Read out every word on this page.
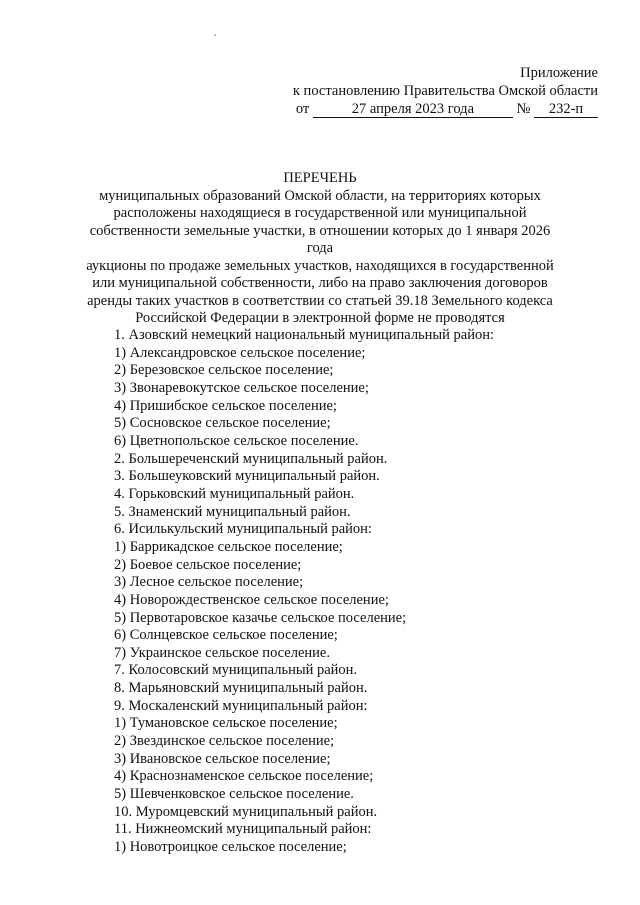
Приложение
к постановлению Правительства Омской области
от	27 апреля 2023 года	№ 232-п
ПЕРЕЧЕНЬ
муниципальных образований Омской области, на территориях которых
расположены находящиеся в государственной или муниципальной
собственности земельные участки, в отношении которых до 1 января 2026 года
аукционы по продаже земельных участков, находящихся в государственной
или муниципальной собственности, либо на право заключения договоров
аренды таких участков в соответствии со статьей 39.18 Земельного кодекса
Российской Федерации в электронной форме не проводятся
1. Азовский немецкий национальный муниципальный район:
1) Александровское сельское поселение;
2) Березовское сельское поселение;
3) Звонаревокутское сельское поселение;
4) Пришибское сельское поселение;
5) Сосновское сельское поселение;
6) Цветнопольское сельское поселение.
2. Большереченский муниципальный район.
3. Большеуковский муниципальный район.
4. Горьковский муниципальный район.
5. Знаменский муниципальный район.
6. Исилькульский муниципальный район:
1) Баррикадское сельское поселение;
2) Боевое сельское поселение;
3) Лесное сельское поселение;
4) Новорождественское сельское поселение;
5) Первотаровское казачье сельское поселение;
6) Солнцевское сельское поселение;
7) Украинское сельское поселение.
7. Колосовский муниципальный район.
8. Марьяновский муниципальный район.
9. Москаленский муниципальный район:
1) Тумановское сельское поселение;
2) Звездинское сельское поселение;
3) Ивановское сельское поселение;
4) Краснознаменское сельское поселение;
5) Шевченковское сельское поселение.
10. Муромцевский муниципальный район.
11. Нижнеомский муниципальный район:
1) Новотроицкое сельское поселение;
